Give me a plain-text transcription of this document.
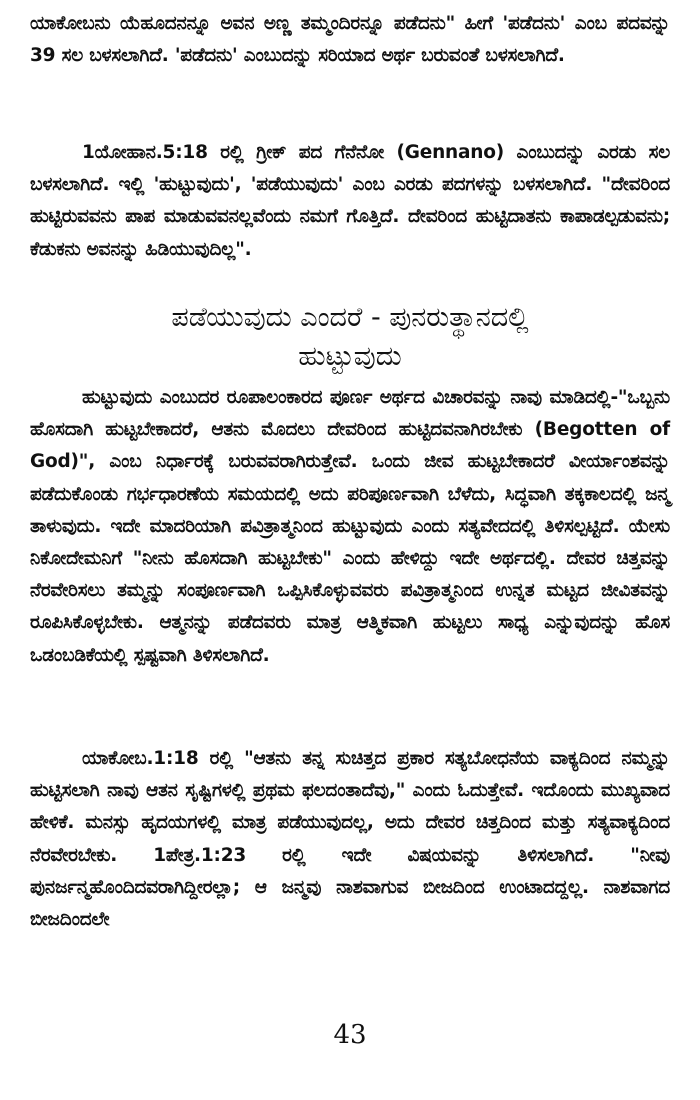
ಯಾಕೋಬನು ಯೆಹೂದನನ್ನೂ ಅವನ ಅಣ್ಣ ತಮ್ಮಂದಿರನ್ನೂ ಪಡೆದನು" ಹೀಗೆ 'ಪಡೆದನು' ಎಂಬ ಪದವನ್ನು 39 ಸಲ ಬಳಸಲಾಗಿದೆ. 'ಪಡೆದನು' ಎಂಬುದನ್ನು ಸರಿಯಾದ ಅರ್ಥ ಬರುವಂತೆ ಬಳಸಲಾಗಿದೆ.

1ಯೋಹಾನ.5:18 ರಲ್ಲಿ ಗ್ರೀಕ್ ಪದ ಗೆನೆನೋ (Gennano) ಎಂಬುದನ್ನು ಎರಡು ಸಲ ಬಳಸಲಾಗಿದೆ. ಇಲ್ಲಿ 'ಹುಟ್ಟುವುದು', 'ಪಡೆಯುವುದು' ಎಂಬ ಎರಡು ಪದಗಳನ್ನು ಬಳಸಲಾಗಿದೆ. "ದೇವರಿಂದ ಹುಟ್ಟಿರುವವನು ಪಾಪ ಮಾಡುವವನಲ್ಲವೆಂದು ನಮಗೆ ಗೊತ್ತಿದೆ. ದೇವರಿಂದ ಹುಟ್ಟಿದಾತನು ಕಾಪಾಡಲ್ಪಡುವನು; ಕೆಡುಕನು ಅವನನ್ನು ಹಿಡಿಯುವುದಿಲ್ಲ".

ಪಡೆಯುವುದು ಎಂದರೆ - ಪುನರುತ್ಥಾನದಲ್ಲಿ
ಹುಟ್ಟುವುದು

ಹುಟ್ಟುವುದು ಎಂಬುದರ ರೂಪಾಲಂಕಾರದ ಪೂರ್ಣ ಅರ್ಥದ ವಿಚಾರವನ್ನು ನಾವು ಮಾಡಿದಲ್ಲಿ-"ಒಬ್ಬನು ಹೊಸದಾಗಿ ಹುಟ್ಟಬೇಕಾದರೆ, ಆತನು ಮೊದಲು ದೇವರಿಂದ ಹುಟ್ಟಿದವನಾಗಿರಬೇಕು (Begotten of God)", ಎಂಬ ನಿರ್ಧಾರಕ್ಕೆ ಬರುವವರಾಗಿರುತ್ತೇವೆ. ಒಂದು ಜೀವ ಹುಟ್ಟಬೇಕಾದರೆ ವೀರ್ಯಾಂಶವನ್ನು ಪಡೆದುಕೊಂಡು ಗರ್ಭಧಾರಣೆಯ ಸಮಯದಲ್ಲಿ ಅದು ಪರಿಪೂರ್ಣವಾಗಿ ಬೆಳೆದು, ಸಿದ್ಧವಾಗಿ ತಕ್ಕಕಾಲದಲ್ಲಿ ಜನ್ಮ ತಾಳುವುದು. ಇದೇ ಮಾದರಿಯಾಗಿ ಪವಿತ್ರಾತ್ಮನಿಂದ ಹುಟ್ಟುವುದು ಎಂದು ಸತ್ಯವೇದದಲ್ಲಿ ತಿಳಿಸಲ್ಪಟ್ಟಿದೆ. ಯೇಸು ನಿಕೋದೇಮನಿಗೆ "ನೀನು ಹೊಸದಾಗಿ ಹುಟ್ಟಬೇಕು" ಎಂದು ಹೇಳಿದ್ದು ಇದೇ ಅರ್ಥದಲ್ಲಿ. ದೇವರ ಚಿತ್ತವನ್ನು ನೆರವೇರಿಸಲು ತಮ್ಮನ್ನು ಸಂಪೂರ್ಣವಾಗಿ ಒಪ್ಪಿಸಿಕೊಳ್ಳುವವರು ಪವಿತ್ರಾತ್ಮನಿಂದ ಉನ್ನತ ಮಟ್ಟದ ಜೀವಿತವನ್ನು ರೂಪಿಸಿಕೊಳ್ಳಬೇಕು. ಆತ್ಮನನ್ನು ಪಡೆದವರು ಮಾತ್ರ ಆತ್ಮಿಕವಾಗಿ ಹುಟ್ಟಲು ಸಾಧ್ಯ ಎನ್ನುವುದನ್ನು ಹೊಸ ಒಡಂಬಡಿಕೆಯಲ್ಲಿ ಸ್ಪಷ್ಟವಾಗಿ ತಿಳಿಸಲಾಗಿದೆ.

ಯಾಕೋಬ.1:18 ರಲ್ಲಿ "ಆತನು ತನ್ನ ಸುಚಿತ್ತದ ಪ್ರಕಾರ ಸತ್ಯಬೋಧನೆಯ ವಾಕ್ಯದಿಂದ ನಮ್ಮನ್ನು ಹುಟ್ಟಿಸಲಾಗಿ ನಾವು ಆತನ ಸೃಷ್ಟಿಗಳಲ್ಲಿ ಪ್ರಥಮ ಫಲದಂತಾದೆವು," ಎಂದು ಓದುತ್ತೇವೆ. ಇದೊಂದು ಮುಖ್ಯವಾದ ಹೇಳಿಕೆ. ಮನಸ್ಸು ಹೃದಯಗಳಲ್ಲಿ ಮಾತ್ರ ಪಡೆಯುವುದಲ್ಲ, ಅದು ದೇವರ ಚಿತ್ತದಿಂದ ಮತ್ತು ಸತ್ಯವಾಕ್ಯದಿಂದ ನೆರವೇರಬೇಕು. 1ಪೇತ್ರ.1:23 ರಲ್ಲಿ ಇದೇ ವಿಷಯವನ್ನು ತಿಳಿಸಲಾಗಿದೆ. "ನೀವು ಪುನರ್ಜನ್ಮಹೊಂದಿದವರಾಗಿದ್ದೀರಲ್ಲಾ; ಆ ಜನ್ಮವು ನಾಶವಾಗುವ ಬೀಜದಿಂದ ಉಂಟಾದದ್ದಲ್ಲ. ನಾಶವಾಗದ ಬೀಜದಿಂದಲೇ

43
